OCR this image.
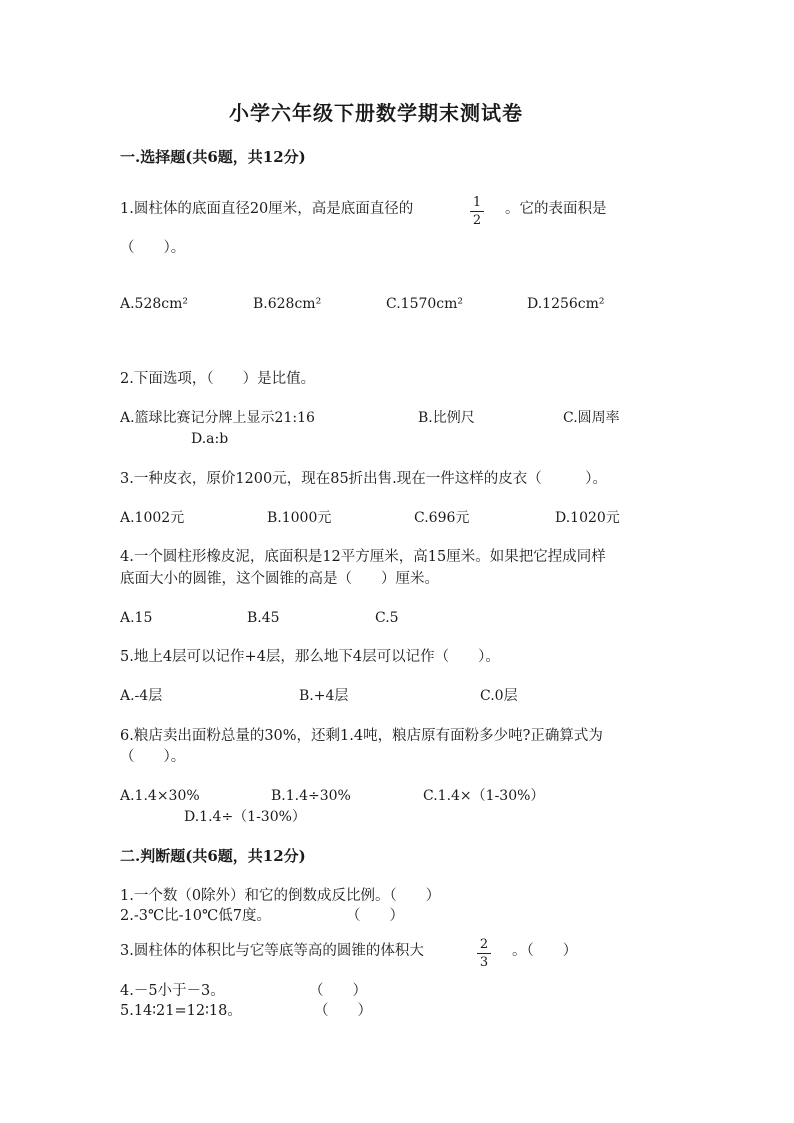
小学六年级下册数学期末测试卷
一.选择题(共6题，共12分)
1.圆柱体的底面直径20厘米，高是底面直径的	1
2
。它的表面积是
（　　）。
A.528cm²	B.628cm²	C.1570cm²	D.1256cm²
2.下面选项，（　　）是比值。
A.篮球比赛记分牌上显示21:16	B.比例尺	C.圆周率
D.a:b
3.一种皮衣，原价1200元，现在85折出售.现在一件这样的皮衣（　　　）。
A.1002元	B.1000元	C.696元	D.1020元
4.一个圆柱形橡皮泥，底面积是12平方厘米，高15厘米。如果把它捏成同样
底面大小的圆锥，这个圆锥的高是（　　）厘米。
A.15	B.45	C.5
5.地上4层可以记作+4层，那么地下4层可以记作（　　）。
A.-4层	B.+4层	C.0层
6.粮店卖出面粉总量的30%，还剩1.4吨，粮店原有面粉多少吨?正确算式为
（　　）。
A.1.4×30%	B.1.4÷30%	C.1.4×（1-30%）
D.1.4÷（1-30%）
二.判断题(共6题，共12分)
1.一个数（0除外）和它的倒数成反比例。（　　）
2.-3℃比-10℃低7度。	（　　）
3.圆柱体的体积比与它等底等高的圆锥的体积大	2
3
。（　　）
4.－5小于－3。	（　　）
5.14∶21=12∶18。	（　　）
